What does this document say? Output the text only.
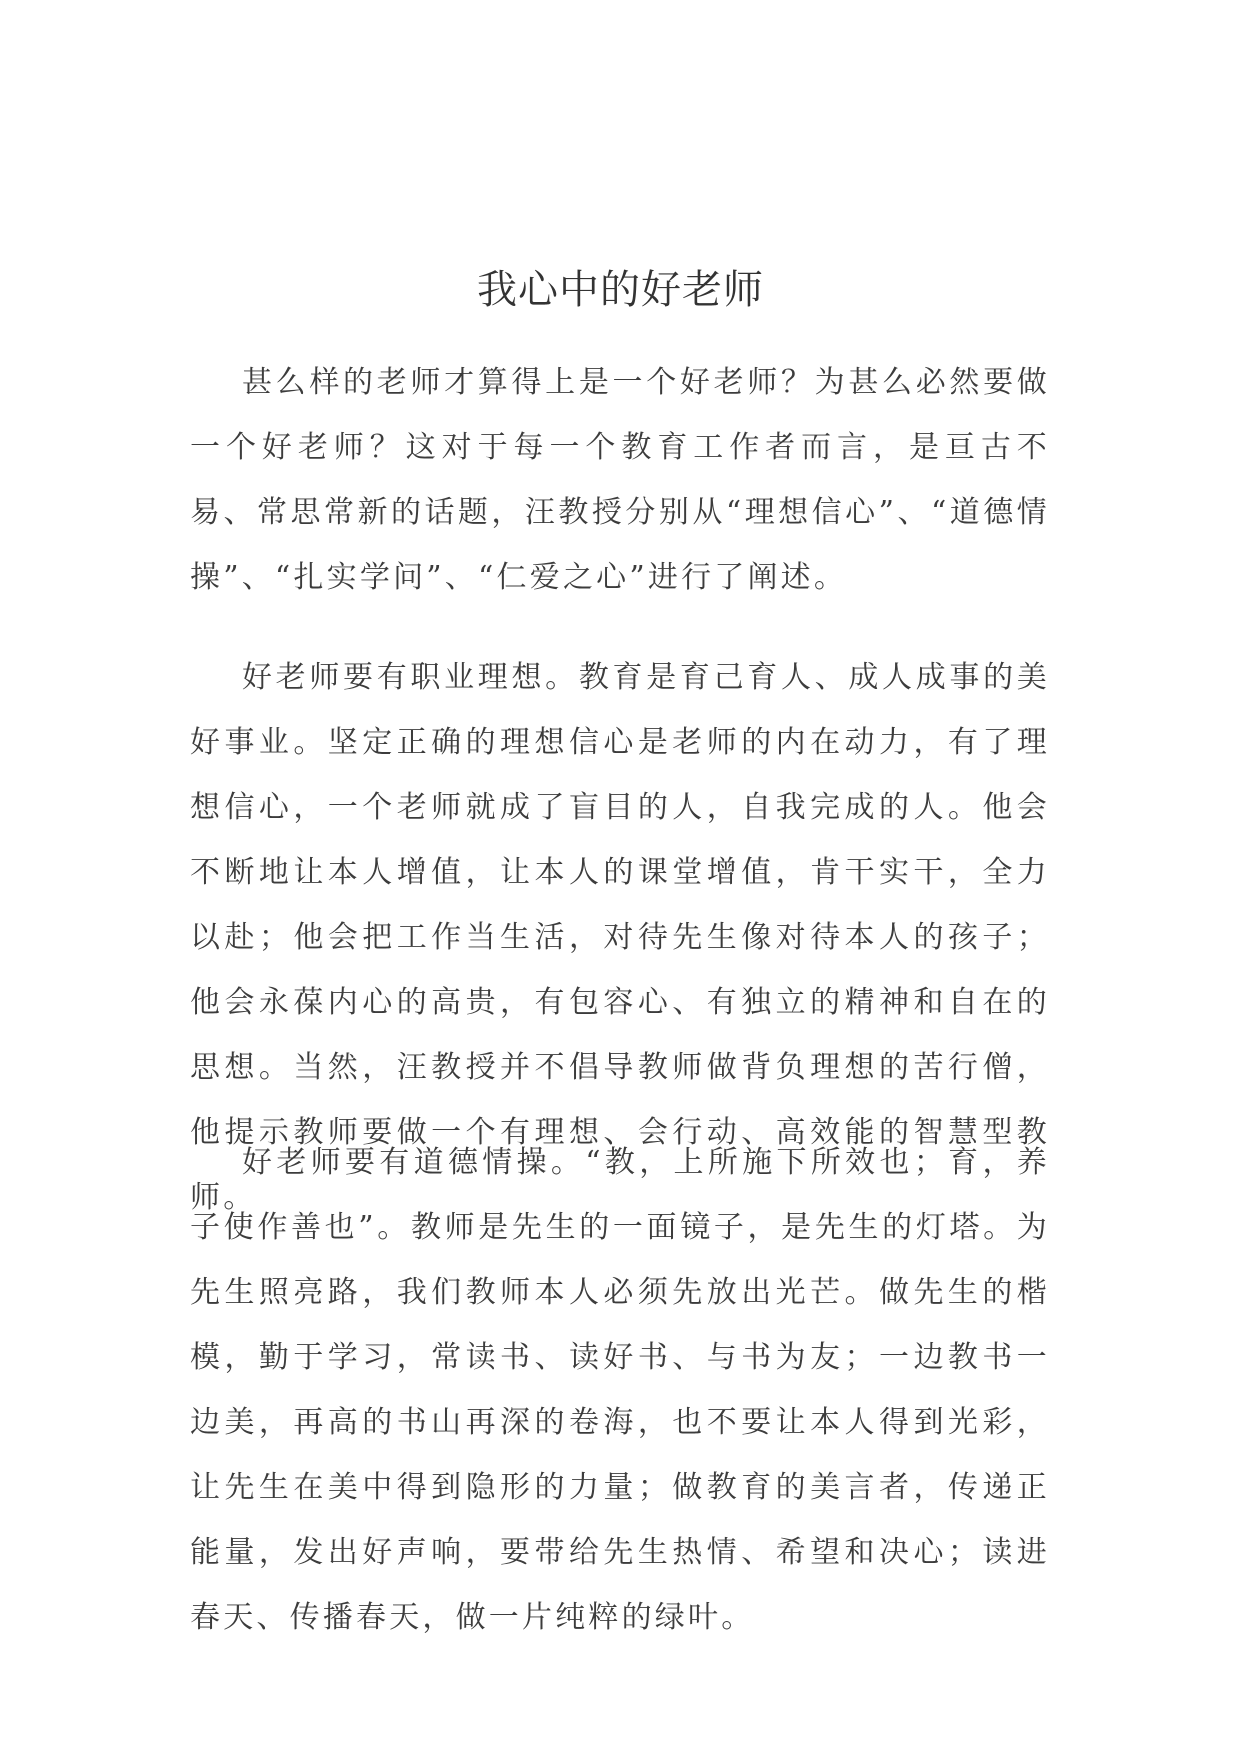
我心中的好老师

甚么样的老师才算得上是一个好老师？为甚么必然要做一个好老师？这对于每一个教育工作者而言，是亘古不易、常思常新的话题，汪教授分别从“理想信心”、“道德情操”、“扎实学问”、“仁爱之心”进行了阐述。

好老师要有职业理想。教育是育己育人、成人成事的美好事业。坚定正确的理想信心是老师的内在动力，有了理想信心，一个老师就成了盲目的人，自我完成的人。他会不断地让本人增值，让本人的课堂增值，肯干实干，全力以赴；他会把工作当生活，对待先生像对待本人的孩子；他会永葆内心的高贵，有包容心、有独立的精神和自在的思想。当然，汪教授并不倡导教师做背负理想的苦行僧，他提示教师要做一个有理想、会行动、高效能的智慧型教师。

好老师要有道德情操。“教，上所施下所效也；育，养子使作善也”。教师是先生的一面镜子，是先生的灯塔。为先生照亮路，我们教师本人必须先放出光芒。做先生的楷模，勤于学习，常读书、读好书、与书为友；一边教书一边美，再高的书山再深的卷海，也不要让本人得到光彩，让先生在美中得到隐形的力量；做教育的美言者，传递正能量，发出好声响，要带给先生热情、希望和决心；读进春天、传播春天，做一片纯粹的绿叶。
